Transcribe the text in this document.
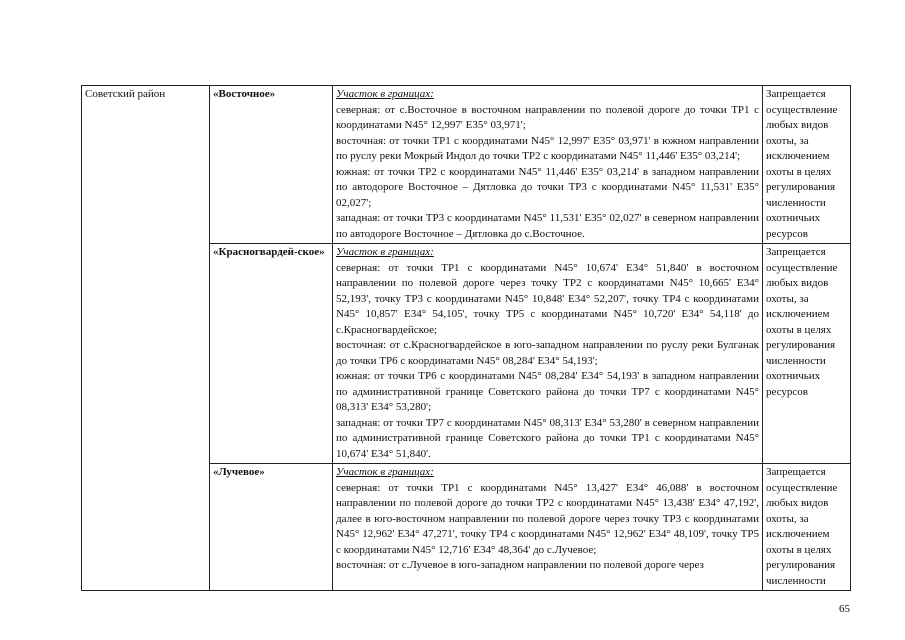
Советский район	«Восточное»	Участок в границах:

северная: от с.Восточное в восточном направлении по полевой дороге до точки ТР1 с координатами N45° 12,997' E35° 03,971';

восточная: от точки ТР1 с координатами N45° 12,997' E35° 03,971' в южном направлении по руслу реки Мокрый Индол до точки ТР2 с координатами N45° 11,446' E35° 03,214';

южная: от точки ТР2 с координатами N45° 11,446' E35° 03,214' в западном направлении по автодороге Восточное – Дятловка до точки ТР3 с координатами N45° 11,531' E35° 02,027';

западная: от точки ТР3 с координатами N45° 11,531' E35° 02,027' в северном направлении по автодороге Восточное – Дятловка до с.Восточное.	Запрещается осуществление любых видов охоты, за исключением охоты в целях регулирования численности охотничьих ресурсов
	«Красногвардей-ское»	Участок в границах:

северная: от точки ТР1 с координатами N45° 10,674' E34° 51,840' в восточном направлении по полевой дороге через точку ТР2 с координатами N45° 10,665' E34° 52,193', точку ТР3 с координатами N45° 10,848' E34° 52,207', точку ТР4 с координатами N45° 10,857' E34° 54,105', точку ТР5 с координатами N45° 10,720' E34° 54,118' до с.Красногвардейское;

восточная: от с.Красногвардейское в юго-западном направлении по руслу реки Булганак до точки ТР6 с координатами N45° 08,284' E34° 54,193';

южная: от точки ТР6 с координатами N45° 08,284' E34° 54,193' в западном направлении по административной границе Советского района до точки ТР7 с координатами N45° 08,313' E34° 53,280';

западная: от точки ТР7 с координатами N45° 08,313' E34° 53,280' в северном направлении по административной границе Советского района до точки ТР1 с координатами N45° 10,674' E34° 51,840'.	Запрещается осуществление любых видов охоты, за исключением охоты в целях регулирования численности охотничьих ресурсов
	«Лучевое»	Участок в границах:

северная: от точки ТР1 с координатами N45° 13,427' E34° 46,088' в восточном направлении по полевой дороге до точки ТР2 с координатами N45° 13,438' E34° 47,192', далее в юго-восточном направлении по полевой дороге через точку ТР3 с координатами N45° 12,962' E34° 47,271', точку ТР4 с координатами N45° 12,962' E34° 48,109', точку ТР5 с координатами N45° 12,716' E34° 48,364' до с.Лучевое;

восточная: от с.Лучевое в юго-западном направлении по полевой дороге через	Запрещается осуществление любых видов охоты, за исключением охоты в целях регулирования численности
65
